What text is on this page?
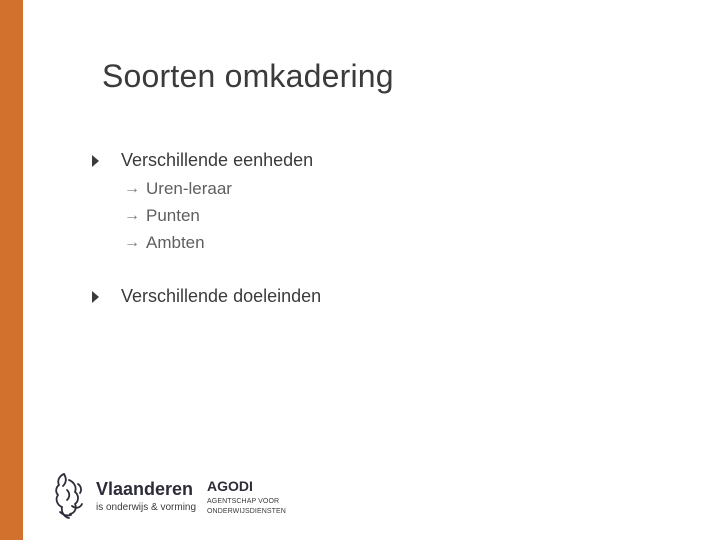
Soorten omkadering
Verschillende eenheden
→ Uren-leraar
→ Punten
→ Ambten
Verschillende doeleinden
Vlaanderen
is onderwijs & vorming
AGODI
AGENTSCHAP VOOR
ONDERWIJSDIENSTEN
